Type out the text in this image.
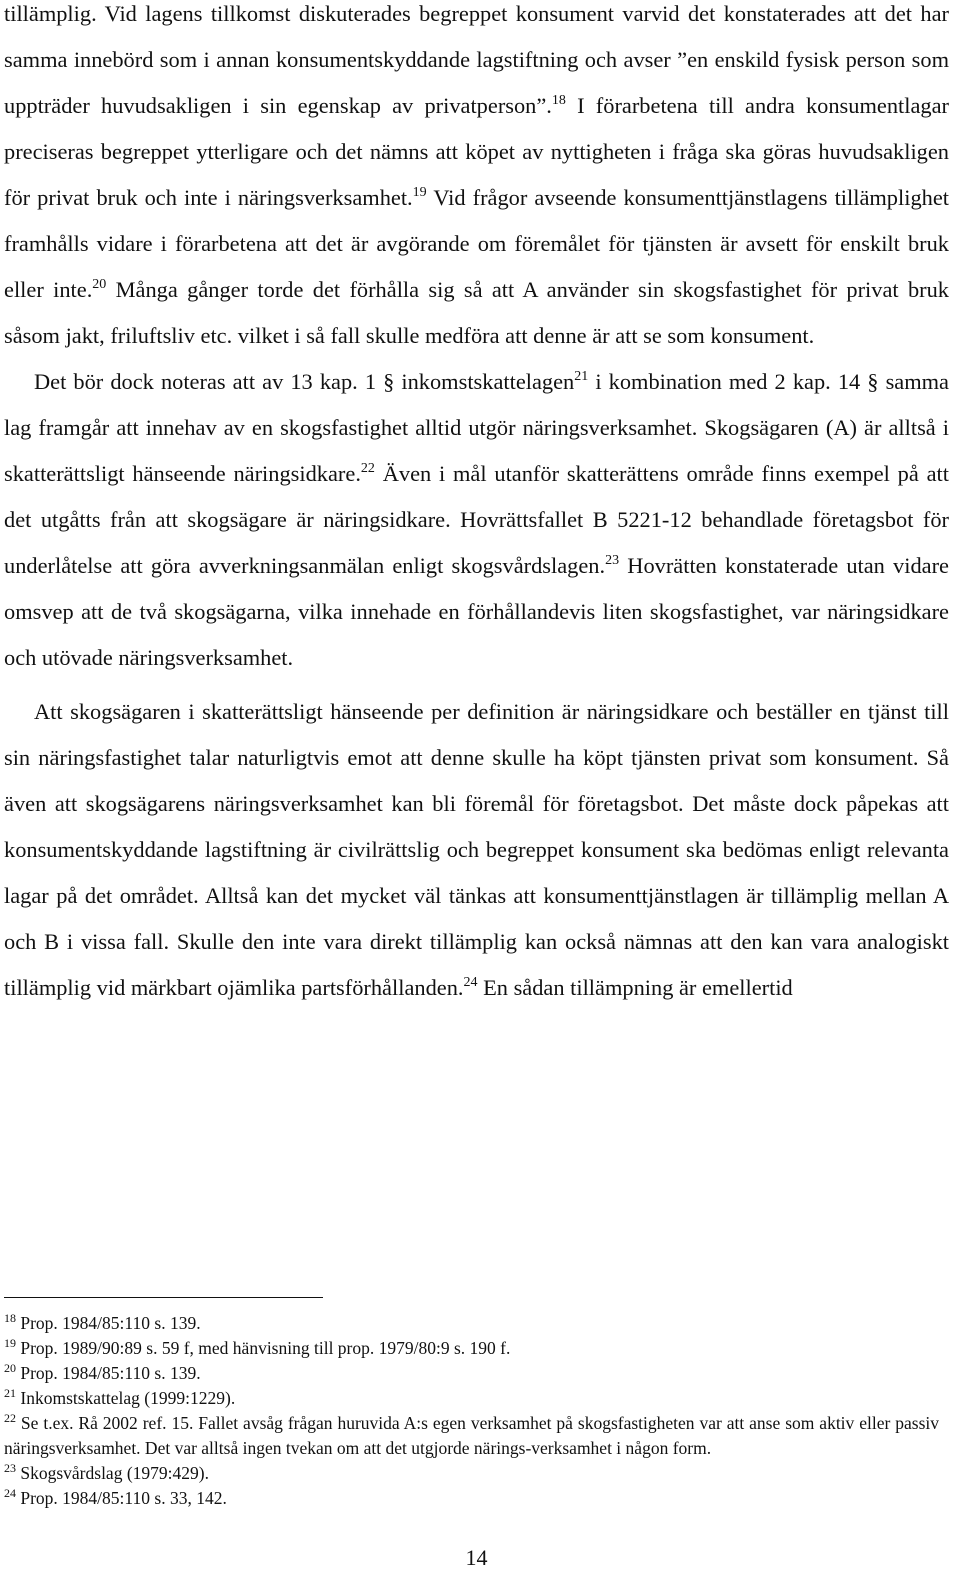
tillämplig. Vid lagens tillkomst diskuterades begreppet konsument varvid det konstaterades att det har samma innebörd som i annan konsumentskyddande lagstiftning och avser ”en enskild fysisk person som uppträder huvudsakligen i sin egenskap av privatperson”.$^{18}$ I förarbetena till andra konsumentlagar preciseras begreppet ytterligare och det nämns att köpet av nyttigheten i fråga ska göras huvudsakligen för privat bruk och inte i näringsverksamhet.$^{19}$ Vid frågor avseende konsumenttjänstlagens tillämplighet framhålls vidare i förarbetena att det är avgörande om föremålet för tjänsten är avsett för enskilt bruk eller inte.$^{20}$ Många gånger torde det förhålla sig så att A använder sin skogsfastighet för privat bruk såsom jakt, friluftsliv etc. vilket i så fall skulle medföra att denne är att se som konsument.

Det bör dock noteras att av 13 kap. 1 § inkomstskattelagen$^{21}$ i kombination med 2 kap. 14 § samma lag framgår att innehav av en skogsfastighet alltid utgör näringsverksamhet. Skogsägaren (A) är alltså i skatterättsligt hänseende näringsidkare.$^{22}$ Även i mål utanför skatterättens område finns exempel på att det utgåtts från att skogsägare är näringsidkare. Hovrättsfallet B 5221-12 behandlade företagsbot för underlåtelse att göra avverkningsanmälan enligt skogsvårdslagen.$^{23}$ Hovrätten konstaterade utan vidare omsvep att de två skogsägarna, vilka innehade en förhållandevis liten skogsfastighet, var näringsidkare och utövade näringsverksamhet.

Att skogsägaren i skatterättsligt hänseende per definition är näringsidkare och beställer en tjänst till sin näringsfastighet talar naturligtvis emot att denne skulle ha köpt tjänsten privat som konsument. Så även att skogsägarens näringsverksamhet kan bli föremål för företagsbot. Det måste dock påpekas att konsumentskyddande lagstiftning är civilrättslig och begreppet konsument ska bedömas enligt relevanta lagar på det området. Alltså kan det mycket väl tänkas att konsumenttjänstlagen är tillämplig mellan A och B i vissa fall. Skulle den inte vara direkt tillämplig kan också nämnas att den kan vara analogiskt tillämplig vid märkbart ojämlika partsförhållanden.$^{24}$ En sådan tillämpning är emellertid

$^{18}$ Prop. 1984/85:110 s. 139.

$^{19}$ Prop. 1989/90:89 s. 59 f, med hänvisning till prop. 1979/80:9 s. 190 f.

$^{20}$ Prop. 1984/85:110 s. 139.

$^{21}$ Inkomstskattelag (1999:1229).

$^{22}$ Se t.ex. Rå 2002 ref. 15. Fallet avsåg frågan huruvida A:s egen verksamhet på skogsfastigheten var att anse som aktiv eller passiv näringsverksamhet. Det var alltså ingen tvekan om att det utgjorde närings-verksamhet i någon form.

$^{23}$ Skogsvårdslag (1979:429).

$^{24}$ Prop. 1984/85:110 s. 33, 142.

14
